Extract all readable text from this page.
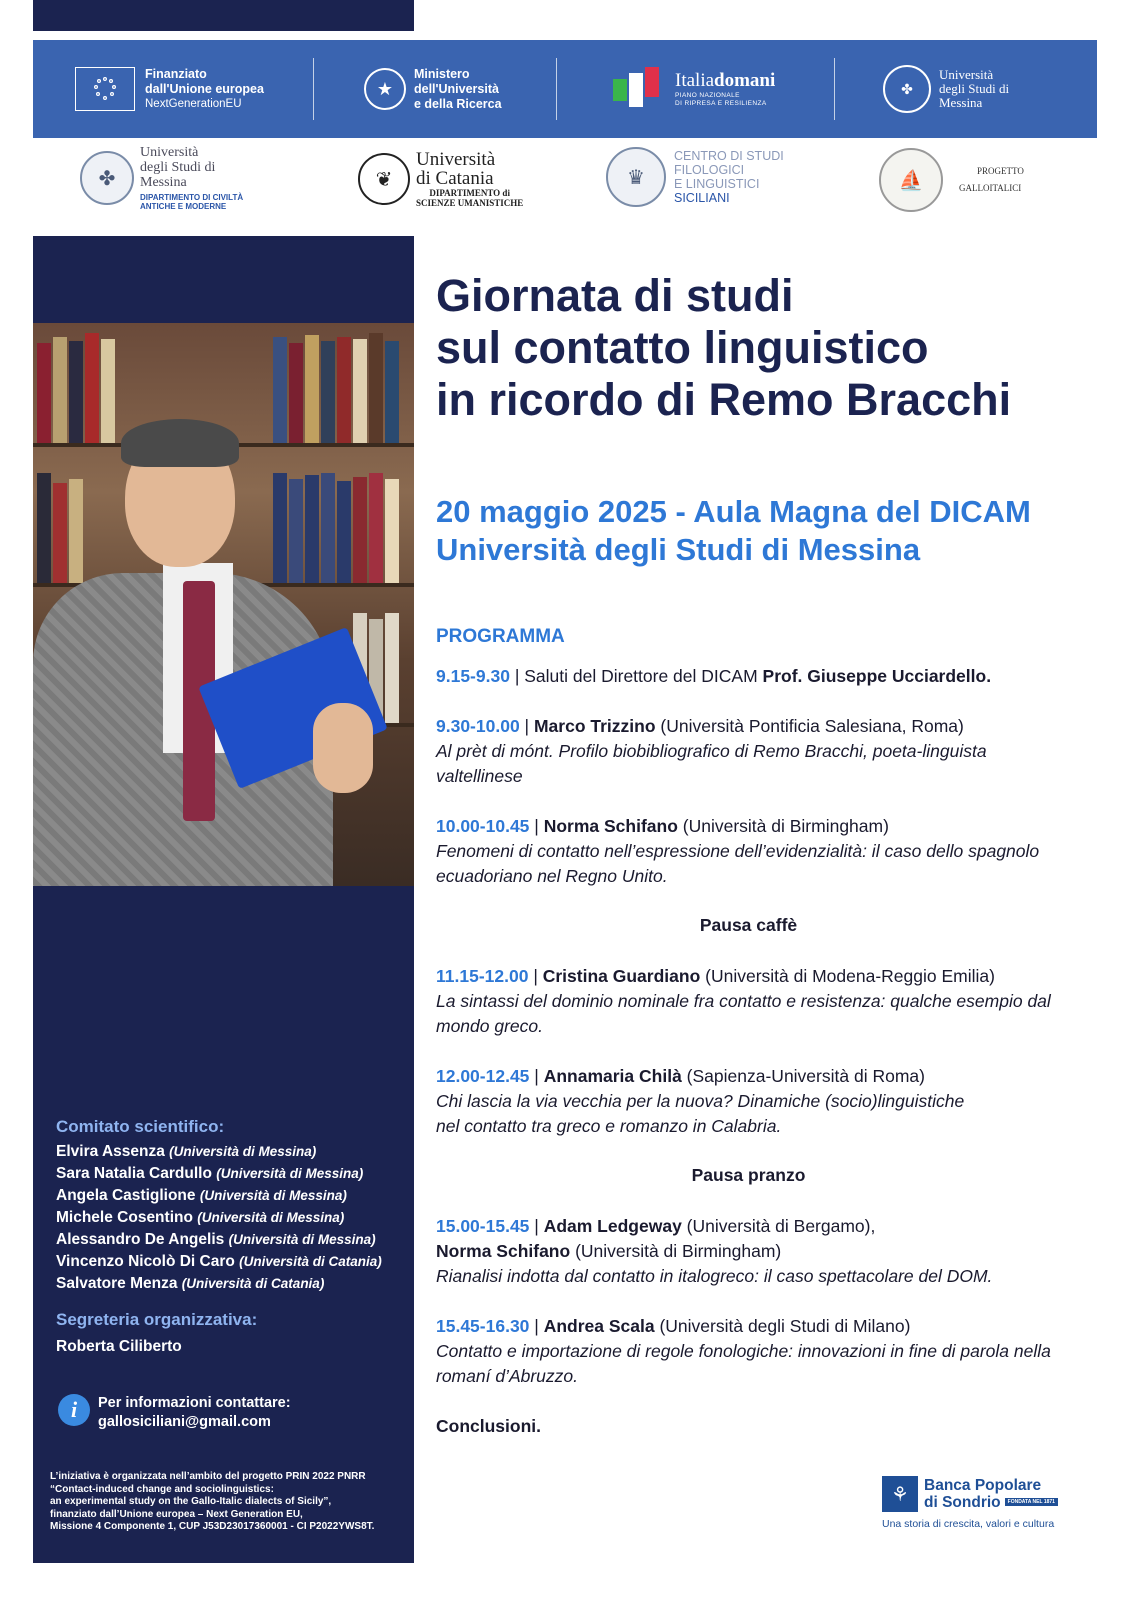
Finanziato
dall'Unione europea
NextGenerationEU
★
Ministero
dell'Università
e della Ricerca
Italiadomani
PIANO NAZIONALE
DI RIPRESA E RESILIENZA
✤
Università
degli Studi di
Messina
✤
Università
degli Studi di
Messina
DIPARTIMENTO DI CIVILTÀ
ANTICHE E MODERNE
❦
Università
di Catania
DIPARTIMENTO di
SCIENZE UMANISTICHE
♛
CENTRO DI STUDI
FILOLOGICI
E LINGUISTICI
SICILIANI
⛵	PROGETTO
GALLOITALICI
Comitato scientifico:
Elvira Assenza (Università di Messina)
Sara Natalia Cardullo (Università di Messina)
Angela Castiglione (Università di Messina)
Michele Cosentino (Università di Messina)
Alessandro De Angelis (Università di Messina)
Vincenzo Nicolò Di Caro (Università di Catania)
Salvatore Menza (Università di Catania)
Segreteria organizzativa:
Roberta Ciliberto
i	Per informazioni contattare:
gallosiciliani@gmail.com
L’iniziativa è organizzata nell’ambito del progetto PRIN 2022 PNRR
“Contact-induced change and sociolinguistics:
an experimental study on the Gallo-Italic dialects of Sicily”,
finanziato dall’Unione europea – Next Generation EU,
Missione 4 Componente 1, CUP J53D23017360001 - CI P2022YWS8T.
Giornata di studi
sul contatto linguistico
in ricordo di Remo Bracchi
20 maggio 2025 - Aula Magna del DICAM
Università degli Studi di Messina
PROGRAMMA
9.15-9.30 | Saluti del Direttore del DICAM Prof. Giuseppe Ucciardello.
9.30-10.00 | Marco Trizzino (Università Pontificia Salesiana, Roma)
Al prèt di mónt. Profilo biobibliografico di Remo Bracchi, poeta-linguista valtellinese
10.00-10.45 | Norma Schifano (Università di Birmingham)
Fenomeni di contatto nell’espressione dell’evidenzialità: il caso dello spagnolo ecuadoriano nel Regno Unito.
Pausa caffè
11.15-12.00 | Cristina Guardiano (Università di Modena-Reggio Emilia)
La sintassi del dominio nominale fra contatto e resistenza: qualche esempio dal mondo greco.
12.00-12.45 | Annamaria Chilà (Sapienza-Università di Roma)
Chi lascia la via vecchia per la nuova? Dinamiche (socio)linguistiche
nel contatto tra greco e romanzo in Calabria.
Pausa pranzo
15.00-15.45 | Adam Ledgeway (Università di Bergamo),
Norma Schifano (Università di Birmingham)
Rianalisi indotta dal contatto in italogreco: il caso spettacolare del DOM.
15.45-16.30 | Andrea Scala (Università degli Studi di Milano)
Contatto e importazione di regole fonologiche: innovazioni in fine di parola nella romaní d’Abruzzo.
Conclusioni.
⚘ Banca Popolare
di Sondrio FONDATA NEL 1871
Una storia di crescita, valori e cultura
